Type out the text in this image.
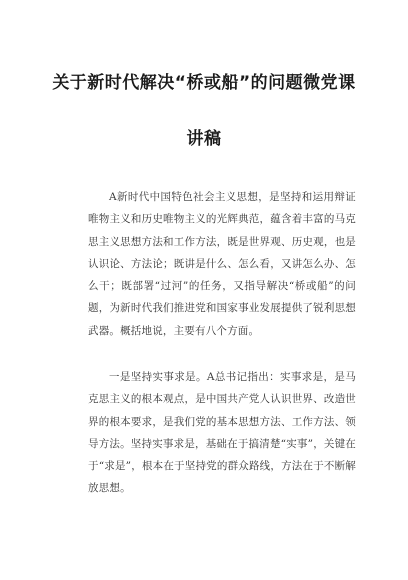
关于新时代解决“桥或船”的问题微党课
讲稿

A新时代中国特色社会主义思想，是坚持和运用辩证唯物主义和历史唯物主义的光辉典范，蕴含着丰富的马克思主义思想方法和工作方法，既是世界观、历史观，也是认识论、方法论；既讲是什么、怎么看，又讲怎么办、怎么干；既部署“过河”的任务，又指导解决“桥或船”的问题，为新时代我们推进党和国家事业发展提供了锐利思想武器。概括地说，主要有八个方面。

一是坚持实事求是。A总书记指出：实事求是，是马克思主义的根本观点，是中国共产党人认识世界、改造世界的根本要求，是我们党的基本思想方法、工作方法、领导方法。坚持实事求是，基础在于搞清楚“实事”，关键在于“求是”，根本在于坚持党的群众路线，方法在于不断解放思想。
